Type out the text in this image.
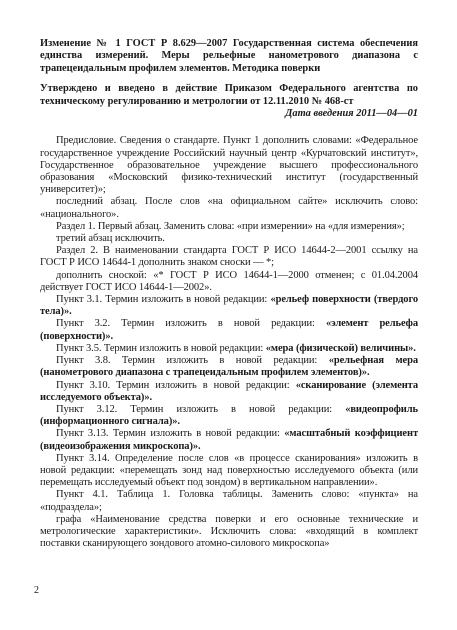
Изменение № 1 ГОСТ Р 8.629—2007 Государственная система обеспечения единства измерений. Меры рельефные нанометрового диапазона с трапецеидальным профилем элементов. Методика поверки

Утверждено и введено в действие Приказом Федерального агентства по техническому регулированию и метрологии от 12.11.2010 № 468-ст

Дата введения 2011—04—01

Предисловие. Сведения о стандарте. Пункт 1 дополнить словами: «Федеральное государственное учреждение Российский научный центр «Курчатовский институт», Государственное образовательное учреждение высшего профессионального образования «Московский физико-технический институт (государственный университет)»;

последний абзац. После слов «на официальном сайте» исключить слово: «национального».

Раздел 1. Первый абзац. Заменить слова: «при измерении» на «для измерения»;

третий абзац исключить.

Раздел 2. В наименовании стандарта ГОСТ Р ИСО 14644-2—2001 ссылку на ГОСТ Р ИСО 14644-1 дополнить знаком сноски — *;

дополнить сноской: «* ГОСТ Р ИСО 14644-1—2000 отменен; с 01.04.2004 действует ГОСТ ИСО 14644-1—2002».

Пункт 3.1. Термин изложить в новой редакции: «рельеф поверхности (твердого тела)».

Пункт 3.2. Термин изложить в новой редакции: «элемент рельефа (поверхности)».

Пункт 3.5. Термин изложить в новой редакции: «мера (физической) величины».

Пункт 3.8. Термин изложить в новой редакции: «рельефная мера (нанометрового диапазона с трапецеидальным профилем элементов)».

Пункт 3.10. Термин изложить в новой редакции: «сканирование (элемента исследуемого объекта)».

Пункт 3.12. Термин изложить в новой редакции: «видеопрофиль (информационного сигнала)».

Пункт 3.13. Термин изложить в новой редакции: «масштабный коэффициент (видеоизображения микроскопа)».

Пункт 3.14. Определение после слов «в процессе сканирования» изложить в новой редакции: «перемещать зонд над поверхностью исследуемого объекта (или перемещать исследуемый объект под зондом) в вертикальном направлении».

Пункт 4.1. Таблица 1. Головка таблицы. Заменить слово: «пункта» на «подраздела»;

графа «Наименование средства поверки и его основные технические и метрологические характеристики». Исключить слова: «входящий в комплект поставки сканирующего зондового атомно-силового микроскопа»

2
